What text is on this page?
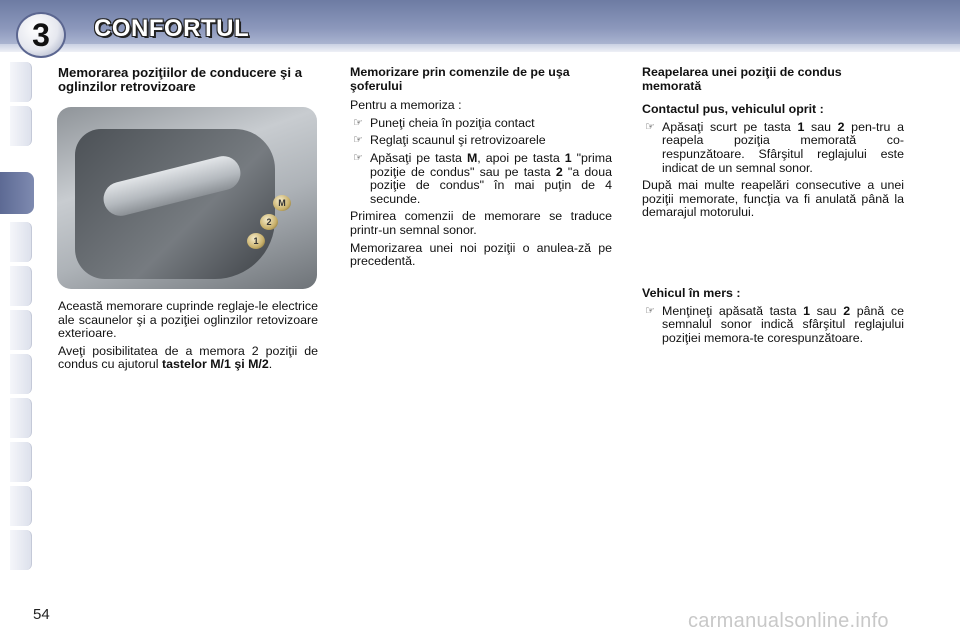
3	CONFORTUL
Memorarea poziţiilor de conducere şi a oglinzilor retrovizoare
M
2
1

Această memorare cuprinde reglaje-le electrice ale scaunelor şi a poziţiei oglinzilor retovizoare exterioare.

Aveţi posibilitatea de a memora 2 poziţii de condus cu ajutorul tastelor M/1 şi M/2.

Memorizare prin comenzile de pe uşa şoferului

Pentru a memoriza :

☞ Puneţi cheia în poziţia contact
☞ Reglaţi scaunul şi retrovizoarele
☞ Apăsaţi pe tasta M, apoi pe tasta 1 "prima poziţie de condus" sau pe tasta 2 "a doua poziţie de condus" în mai puţin de 4 secunde.

Primirea comenzii de memorare se traduce printr-un semnal sonor.

Memorizarea unei noi poziţii o anulea-ză pe precedentă.

Reapelarea unei poziţii de condus memorată
Contactul pus, vehiculul oprit :
☞ Apăsaţi scurt pe tasta 1 sau 2 pen-tru a reapela poziţia memorată co-respunzătoare. Sfârşitul reglajului este indicat de un semnal sonor.

După mai multe reapelări consecutive a unei poziţii memorate, funcţia va fi anulată până la demarajul motorului.

Vehicul în mers :
☞ Menţineţi apăsată tasta 1 sau 2 până ce semnalul sonor indică sfârşitul reglajului poziţiei memora-te corespunzătoare.
54	carmanualsonline.info
